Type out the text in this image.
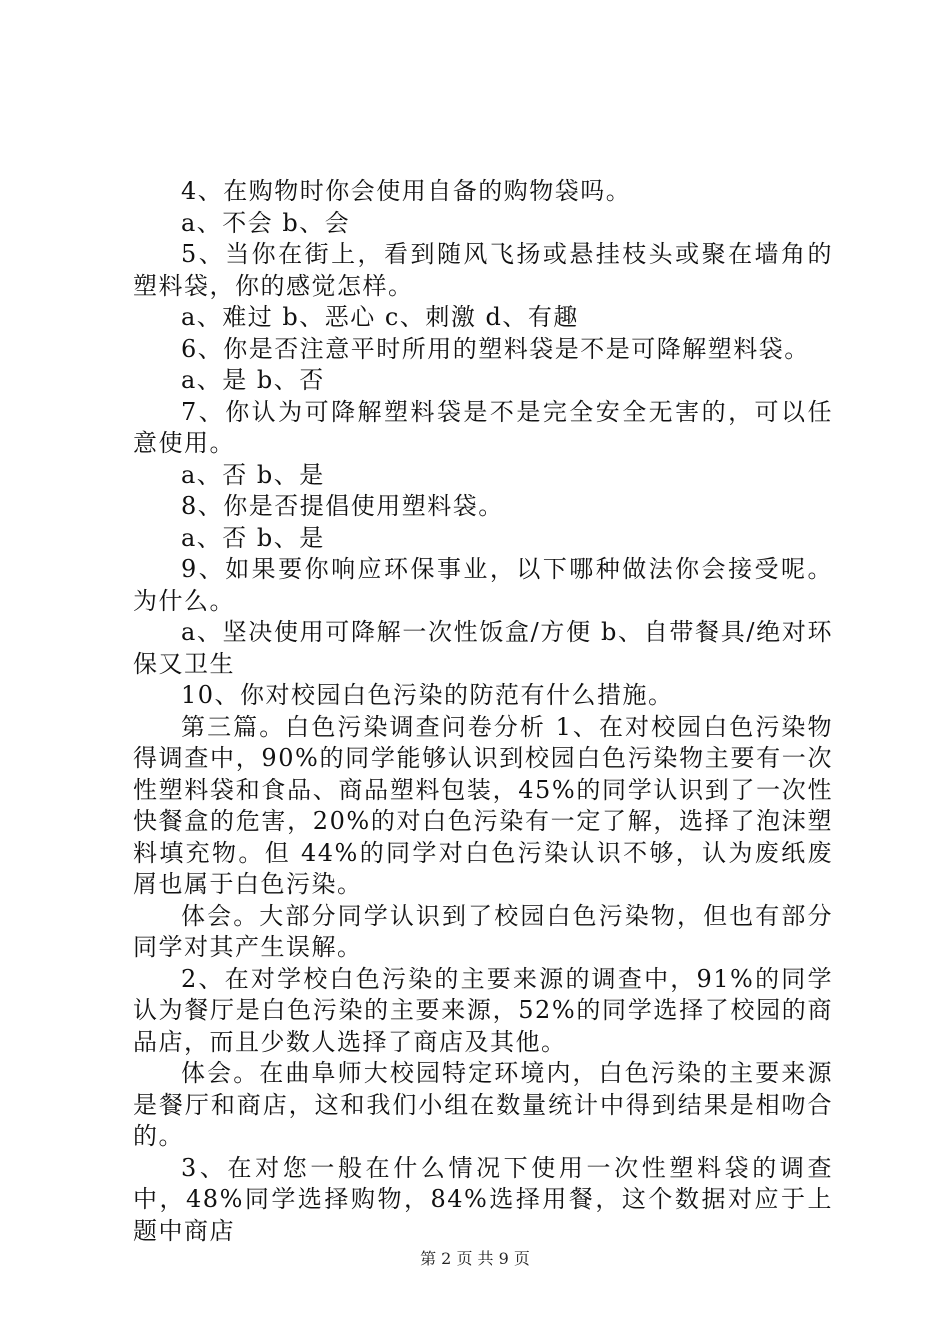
4、在购物时你会使用自备的购物袋吗。

a、不会 b、会

5、当你在街上，看到随风飞扬或悬挂枝头或聚在墙角的塑料袋，你的感觉怎样。

a、难过 b、恶心 c、刺激 d、有趣

6、你是否注意平时所用的塑料袋是不是可降解塑料袋。

a、是 b、否

7、你认为可降解塑料袋是不是完全安全无害的，可以任意使用。

a、否 b、是

8、你是否提倡使用塑料袋。

a、否 b、是

9、如果要你响应环保事业，以下哪种做法你会接受呢。为什么。

a、坚决使用可降解一次性饭盒/方便 b、自带餐具/绝对环保又卫生

10、你对校园白色污染的防范有什么措施。

第三篇。白色污染调查问卷分析 1、在对校园白色污染物得调查中，90%的同学能够认识到校园白色污染物主要有一次性塑料袋和食品、商品塑料包装，45%的同学认识到了一次性快餐盒的危害，20%的对白色污染有一定了解，选择了泡沫塑料填充物。但 44%的同学对白色污染认识不够，认为废纸废屑也属于白色污染。

体会。大部分同学认识到了校园白色污染物，但也有部分同学对其产生误解。

2、在对学校白色污染的主要来源的调查中，91%的同学认为餐厅是白色污染的主要来源，52%的同学选择了校园的商品店，而且少数人选择了商店及其他。

体会。在曲阜师大校园特定环境内，白色污染的主要来源是餐厅和商店，这和我们小组在数量统计中得到结果是相吻合的。

3、在对您一般在什么情况下使用一次性塑料袋的调查中，48%同学选择购物，84%选择用餐，这个数据对应于上题中商店

第 2 页 共 9 页
